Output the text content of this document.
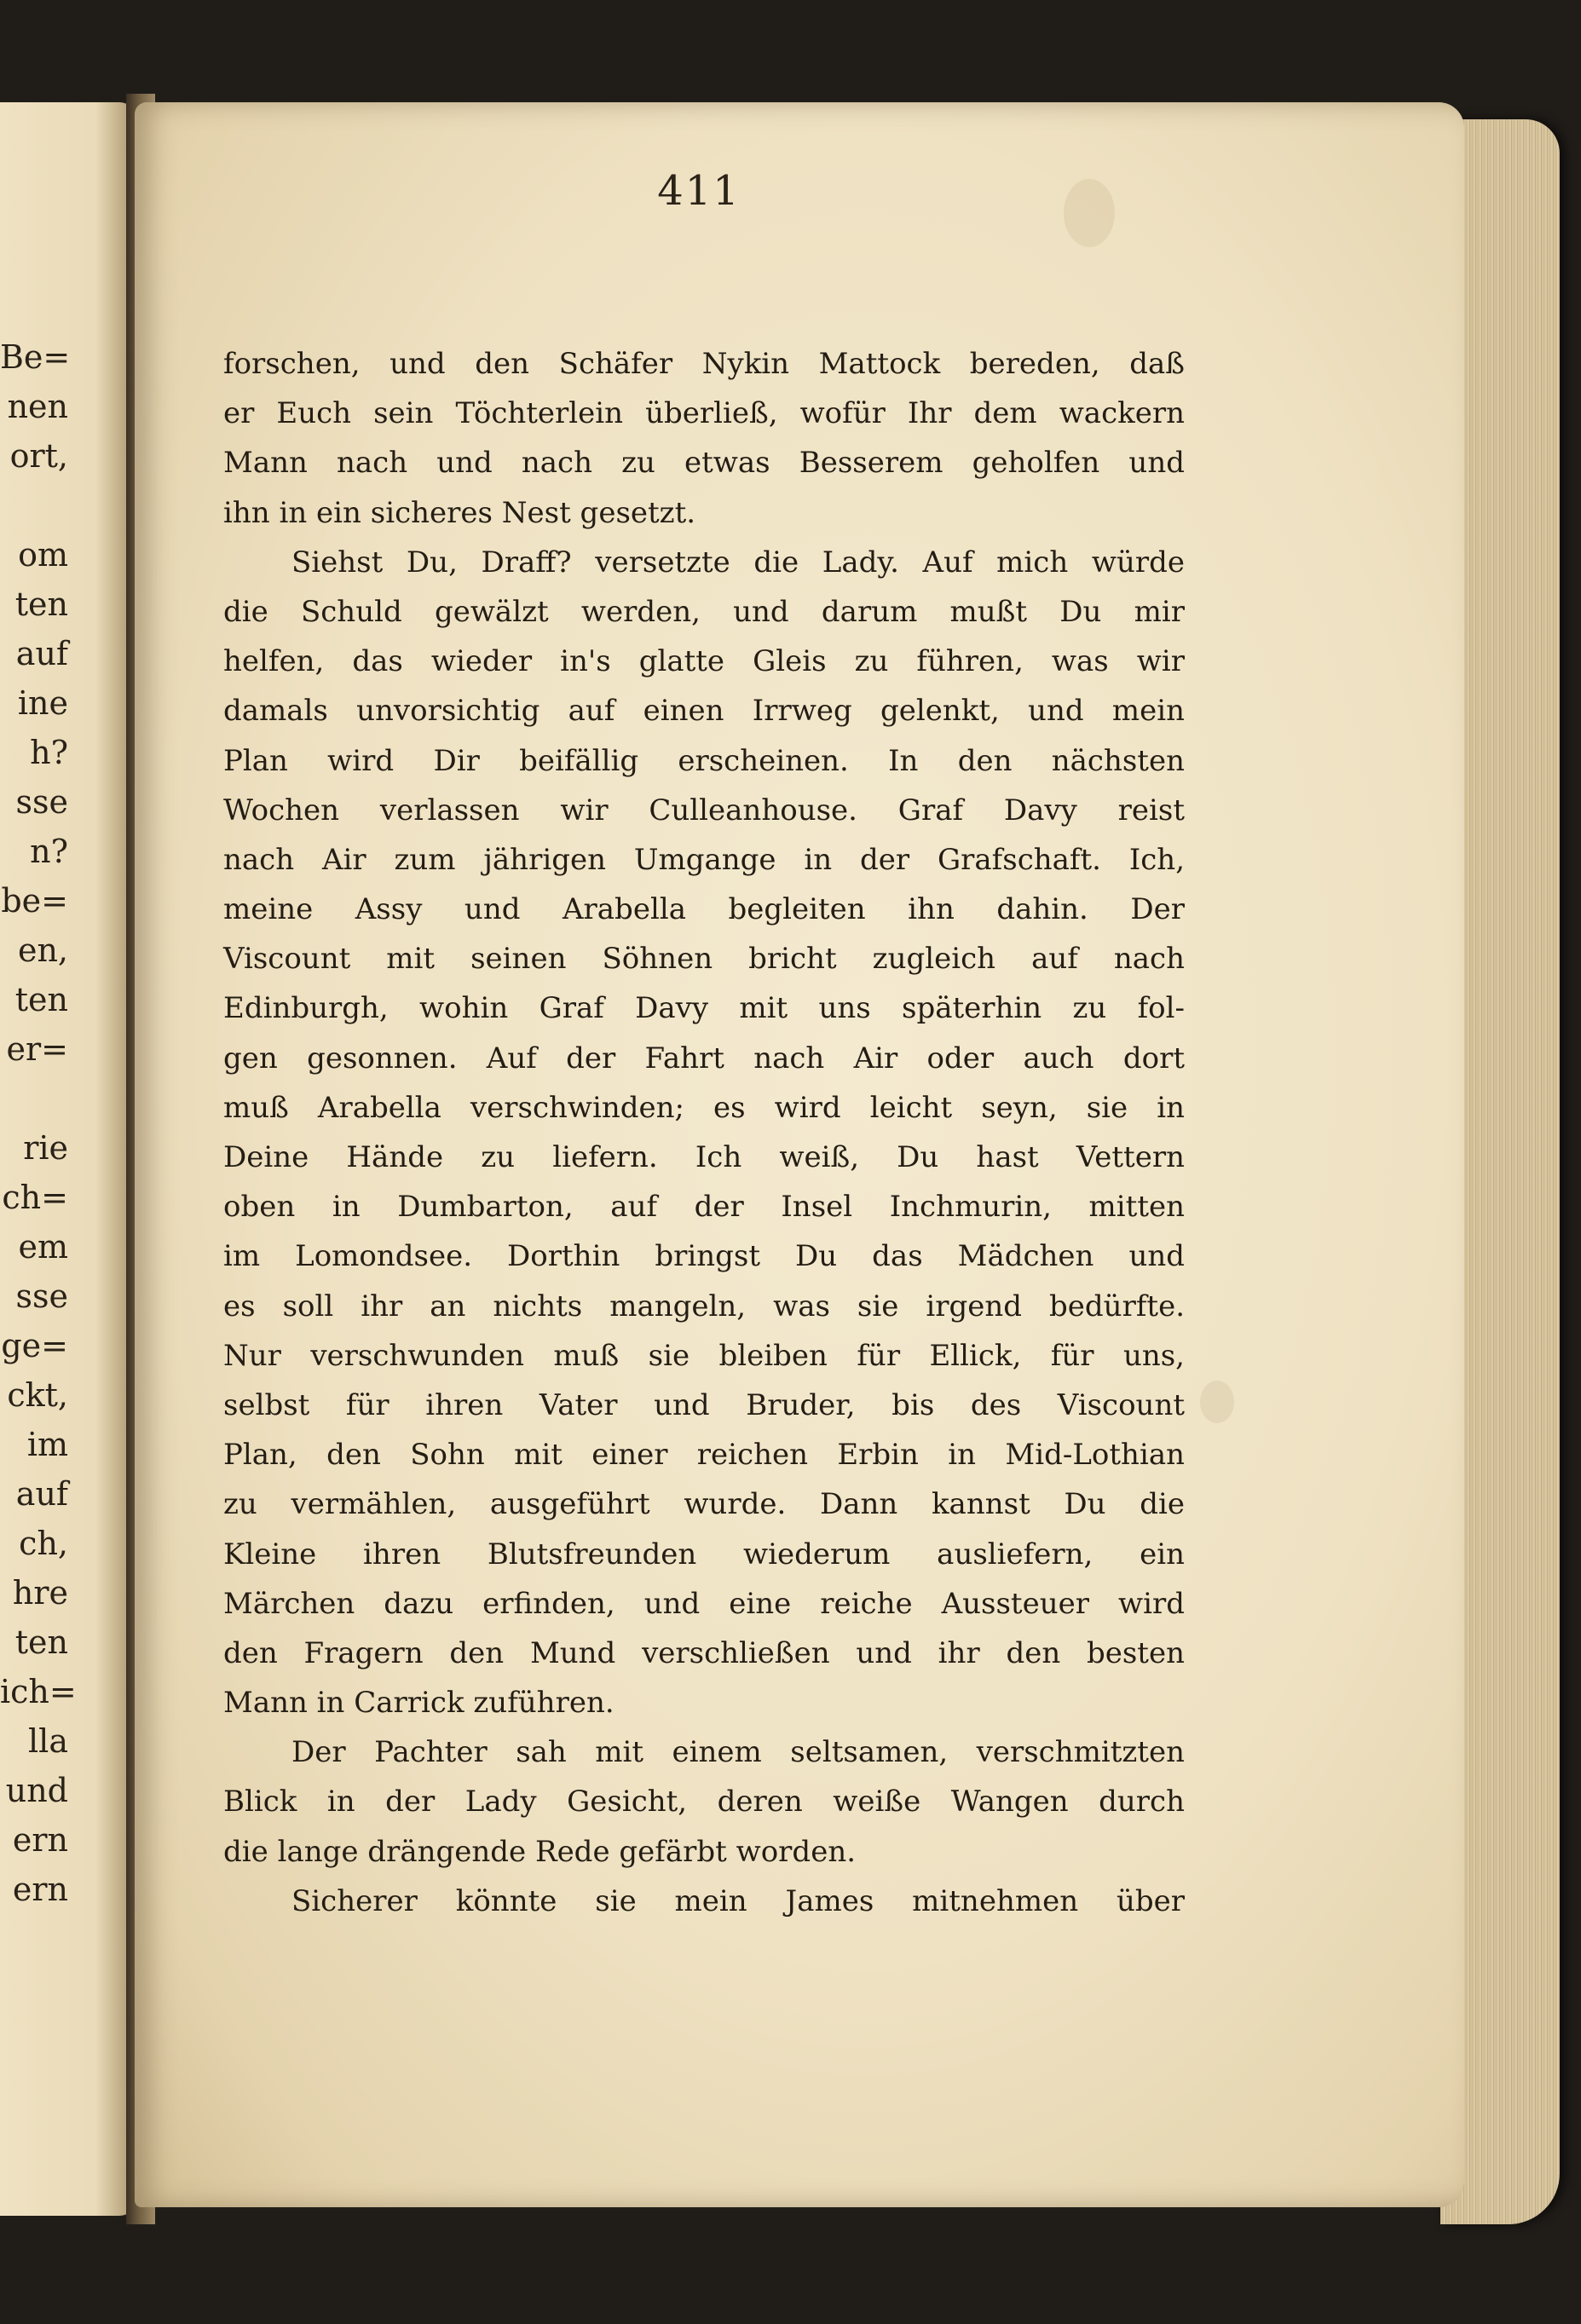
Be=
nen
ort,
om
ten
auf
ine
h?
sse
n?
be=
en,
ten
er=
rie
ch=
em
sse
ge=
ckt,
im
auf
ch,
hre
ten
ich=
lla
und
ern
ern
411
forschen, und den Schäfer Nykin Mattock bereden, daß
er Euch sein Töchterlein überließ, wofür Ihr dem wackern
Mann nach und nach zu etwas Besserem geholfen und
ihn in ein sicheres Nest gesetzt.
Siehst Du, Draff? versetzte die Lady. Auf mich würde
die Schuld gewälzt werden, und darum mußt Du mir
helfen, das wieder in's glatte Gleis zu führen, was wir
damals unvorsichtig auf einen Irrweg gelenkt, und mein
Plan wird Dir beifällig erscheinen. In den nächsten
Wochen verlassen wir Culleanhouse. Graf Davy reist
nach Air zum jährigen Umgange in der Grafschaft. Ich,
meine Assy und Arabella begleiten ihn dahin. Der
Viscount mit seinen Söhnen bricht zugleich auf nach
Edinburgh, wohin Graf Davy mit uns späterhin zu fol-
gen gesonnen. Auf der Fahrt nach Air oder auch dort
muß Arabella verschwinden; es wird leicht seyn, sie in
Deine Hände zu liefern. Ich weiß, Du hast Vettern
oben in Dumbarton, auf der Insel Inchmurin, mitten
im Lomondsee. Dorthin bringst Du das Mädchen und
es soll ihr an nichts mangeln, was sie irgend bedürfte.
Nur verschwunden muß sie bleiben für Ellick, für uns,
selbst für ihren Vater und Bruder, bis des Viscount
Plan, den Sohn mit einer reichen Erbin in Mid-Lothian
zu vermählen, ausgeführt wurde. Dann kannst Du die
Kleine ihren Blutsfreunden wiederum ausliefern, ein
Märchen dazu erfinden, und eine reiche Aussteuer wird
den Fragern den Mund verschließen und ihr den besten
Mann in Carrick zuführen.
Der Pachter sah mit einem seltsamen, verschmitzten
Blick in der Lady Gesicht, deren weiße Wangen durch
die lange drängende Rede gefärbt worden.
Sicherer könnte sie mein James mitnehmen über
